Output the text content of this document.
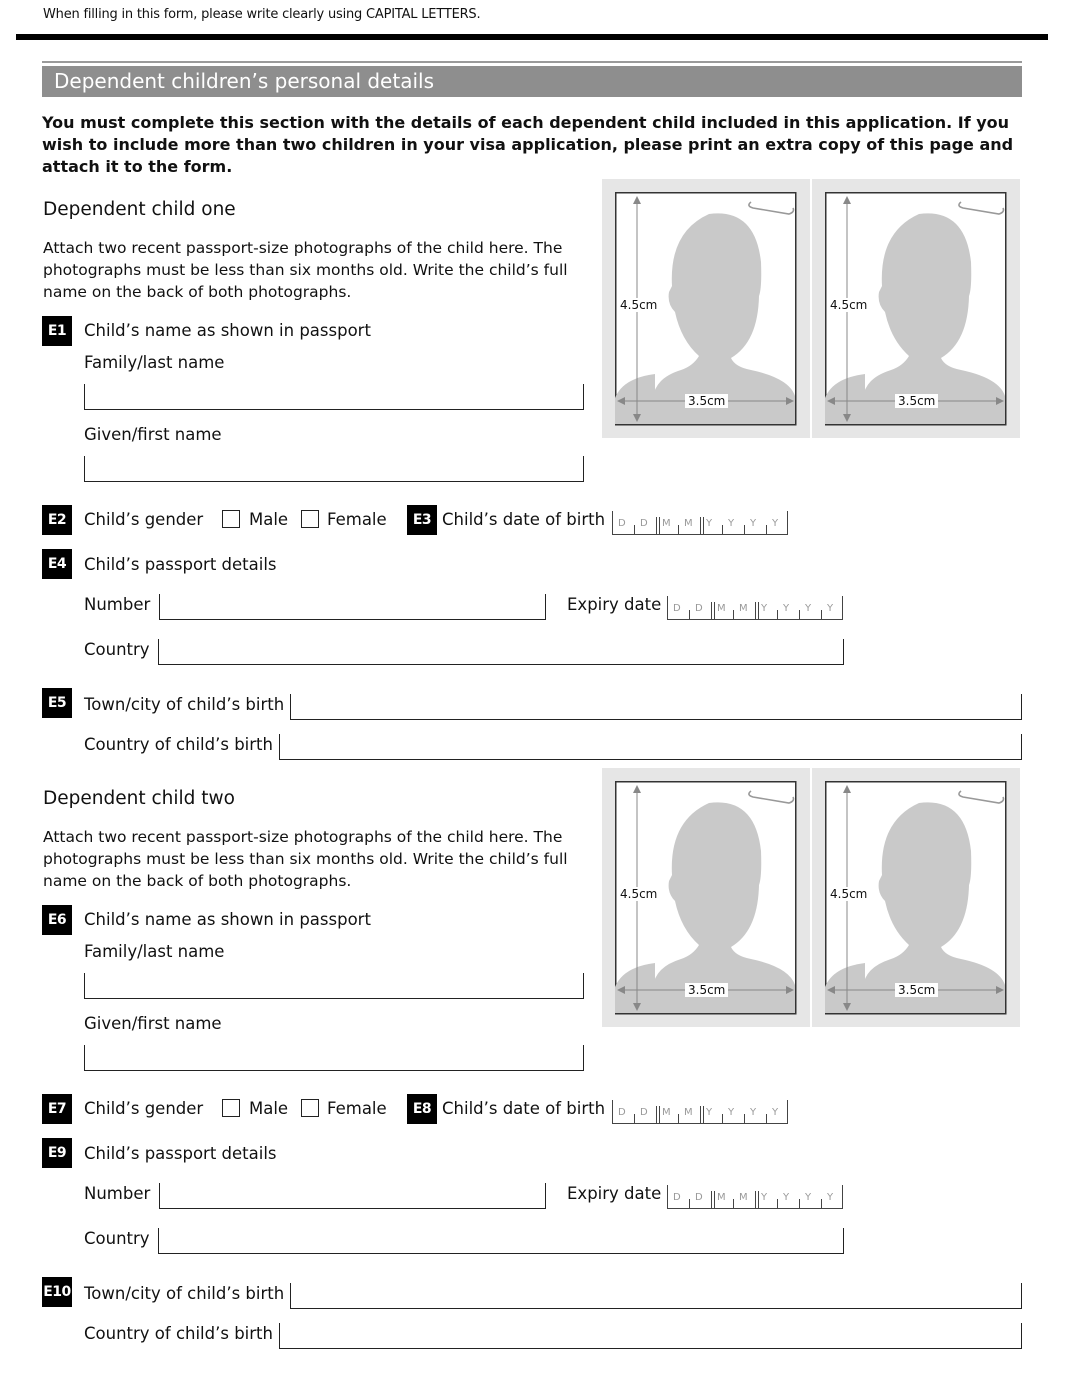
When filling in this form, please write clearly using CAPITAL LETTERS.
Dependent children’s personal details
You must complete this section with the details of each dependent child included in this application. If you wish to include more than two children in your visa application, please print an extra copy of this page and attach it to the form.
Dependent child one
Attach two recent passport-size photographs of the child here. The photographs must be less than six months old. Write the child’s full name on the back of both photographs.
4.5cm
3.5cm
4.5cm
3.5cm
E1	Child’s name as shown in passport
Family/last name
Given/first name
E2	Child’s gender	Male Female	E3 Child’s date of birth D D M M Y Y Y Y
E4	Child’s passport details
Number	Expiry date D D M M Y Y Y Y
Country
E5	Town/city of child’s birth
Country of child’s birth
Dependent child two
Attach two recent passport-size photographs of the child here. The photographs must be less than six months old. Write the child’s full name on the back of both photographs.
4.5cm
3.5cm
4.5cm
3.5cm
E6	Child’s name as shown in passport
Family/last name
Given/first name
E7	Child’s gender	Male Female	E8 Child’s date of birth D D M M Y Y Y Y
E9	Child’s passport details
Number	Expiry date D D M M Y Y Y Y
Country
E10 Town/city of child’s birth
Country of child’s birth
